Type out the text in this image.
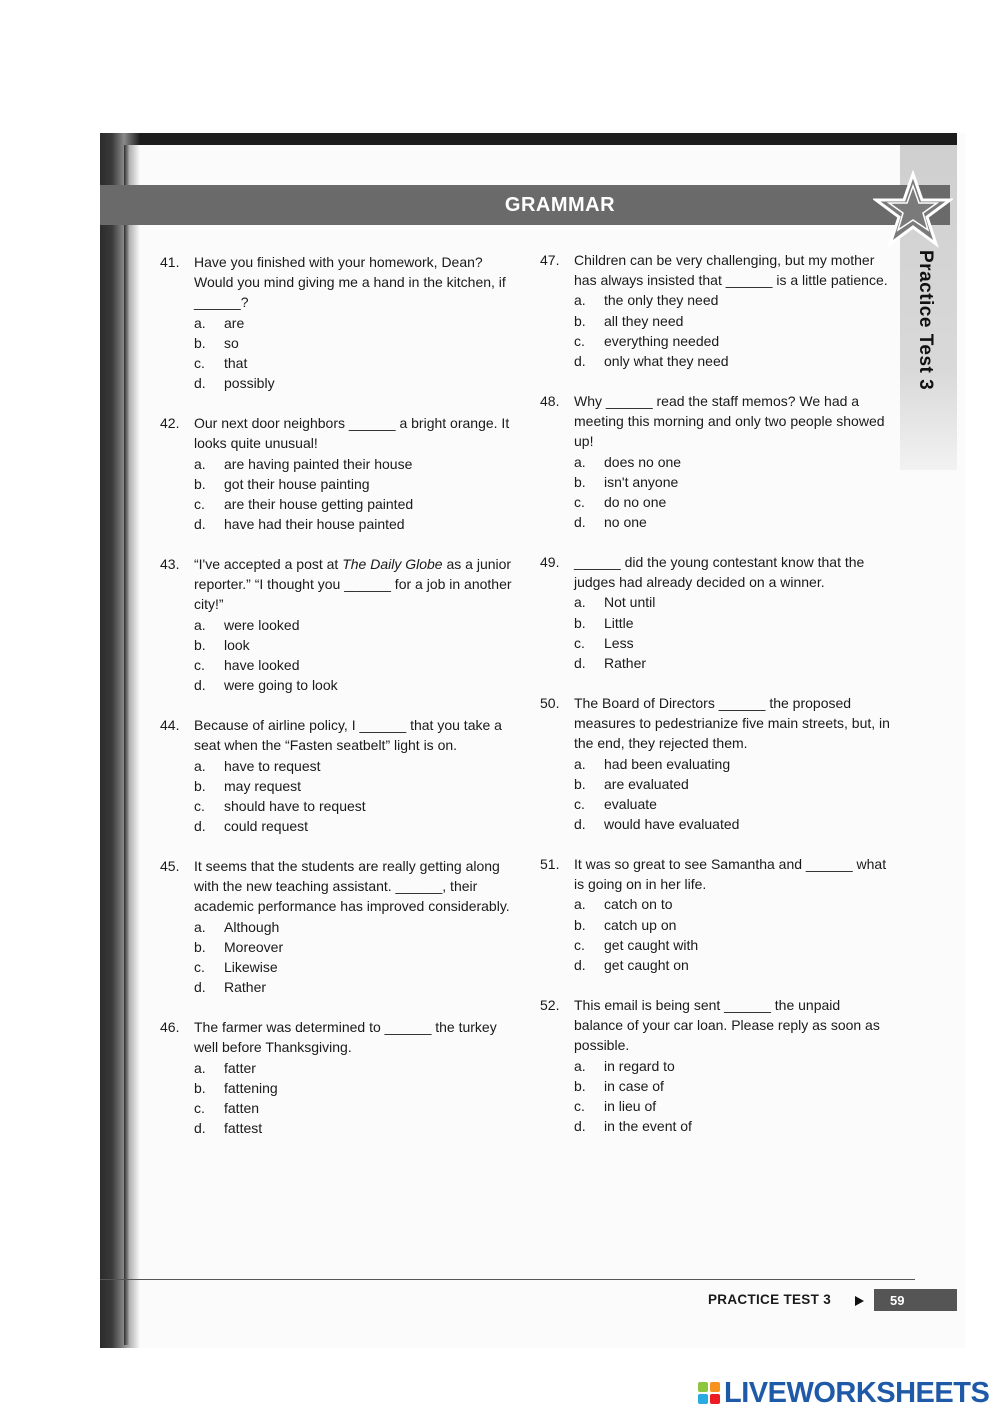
GRAMMAR
Practice Test 3
41. Have you finished with your homework, Dean? Would you mind giving me a hand in the kitchen, if ______?
a.	are
b.	so
c.	that
d.	possibly
42. Our next door neighbors ______ a bright orange. It looks quite unusual!
a.	are having painted their house
b.	got their house painting
c.	are their house getting painted
d.	have had their house painted
43. “I've accepted a post at The Daily Globe as a junior reporter.” “I thought you ______ for a job in another city!”
a.	were looked
b.	look
c.	have looked
d.	were going to look
44. Because of airline policy, I ______ that you take a seat when the “Fasten seatbelt” light is on.
a.	have to request
b.	may request
c.	should have to request
d.	could request
45. It seems that the students are really getting along with the new teaching assistant. ______, their academic performance has improved considerably.
a.	Although
b.	Moreover
c.	Likewise
d.	Rather
46. The farmer was determined to ______ the turkey well before Thanksgiving.
a.	fatter
b.	fattening
c.	fatten
d.	fattest
47. Children can be very challenging, but my mother has always insisted that ______ is a little patience.
a.	the only they need
b.	all they need
c.	everything needed
d.	only what they need
48. Why ______ read the staff memos? We had a meeting this morning and only two people showed up!
a.	does no one
b.	isn't anyone
c.	do no one
d.	no one
49. ______ did the young contestant know that the judges had already decided on a winner.
a.	Not until
b.	Little
c.	Less
d.	Rather
50. The Board of Directors ______ the proposed measures to pedestrianize five main streets, but, in the end, they rejected them.
a.	had been evaluating
b.	are evaluated
c.	evaluate
d.	would have evaluated
51. It was so great to see Samantha and ______ what is going on in her life.
a.	catch on to
b.	catch up on
c.	get caught with
d.	get caught on
52. This email is being sent ______ the unpaid balance of your car loan. Please reply as soon as possible.
a.	in regard to
b.	in case of
c.	in lieu of
d.	in the event of
PRACTICE TEST 3	59
LIVEWORKSHEETS
